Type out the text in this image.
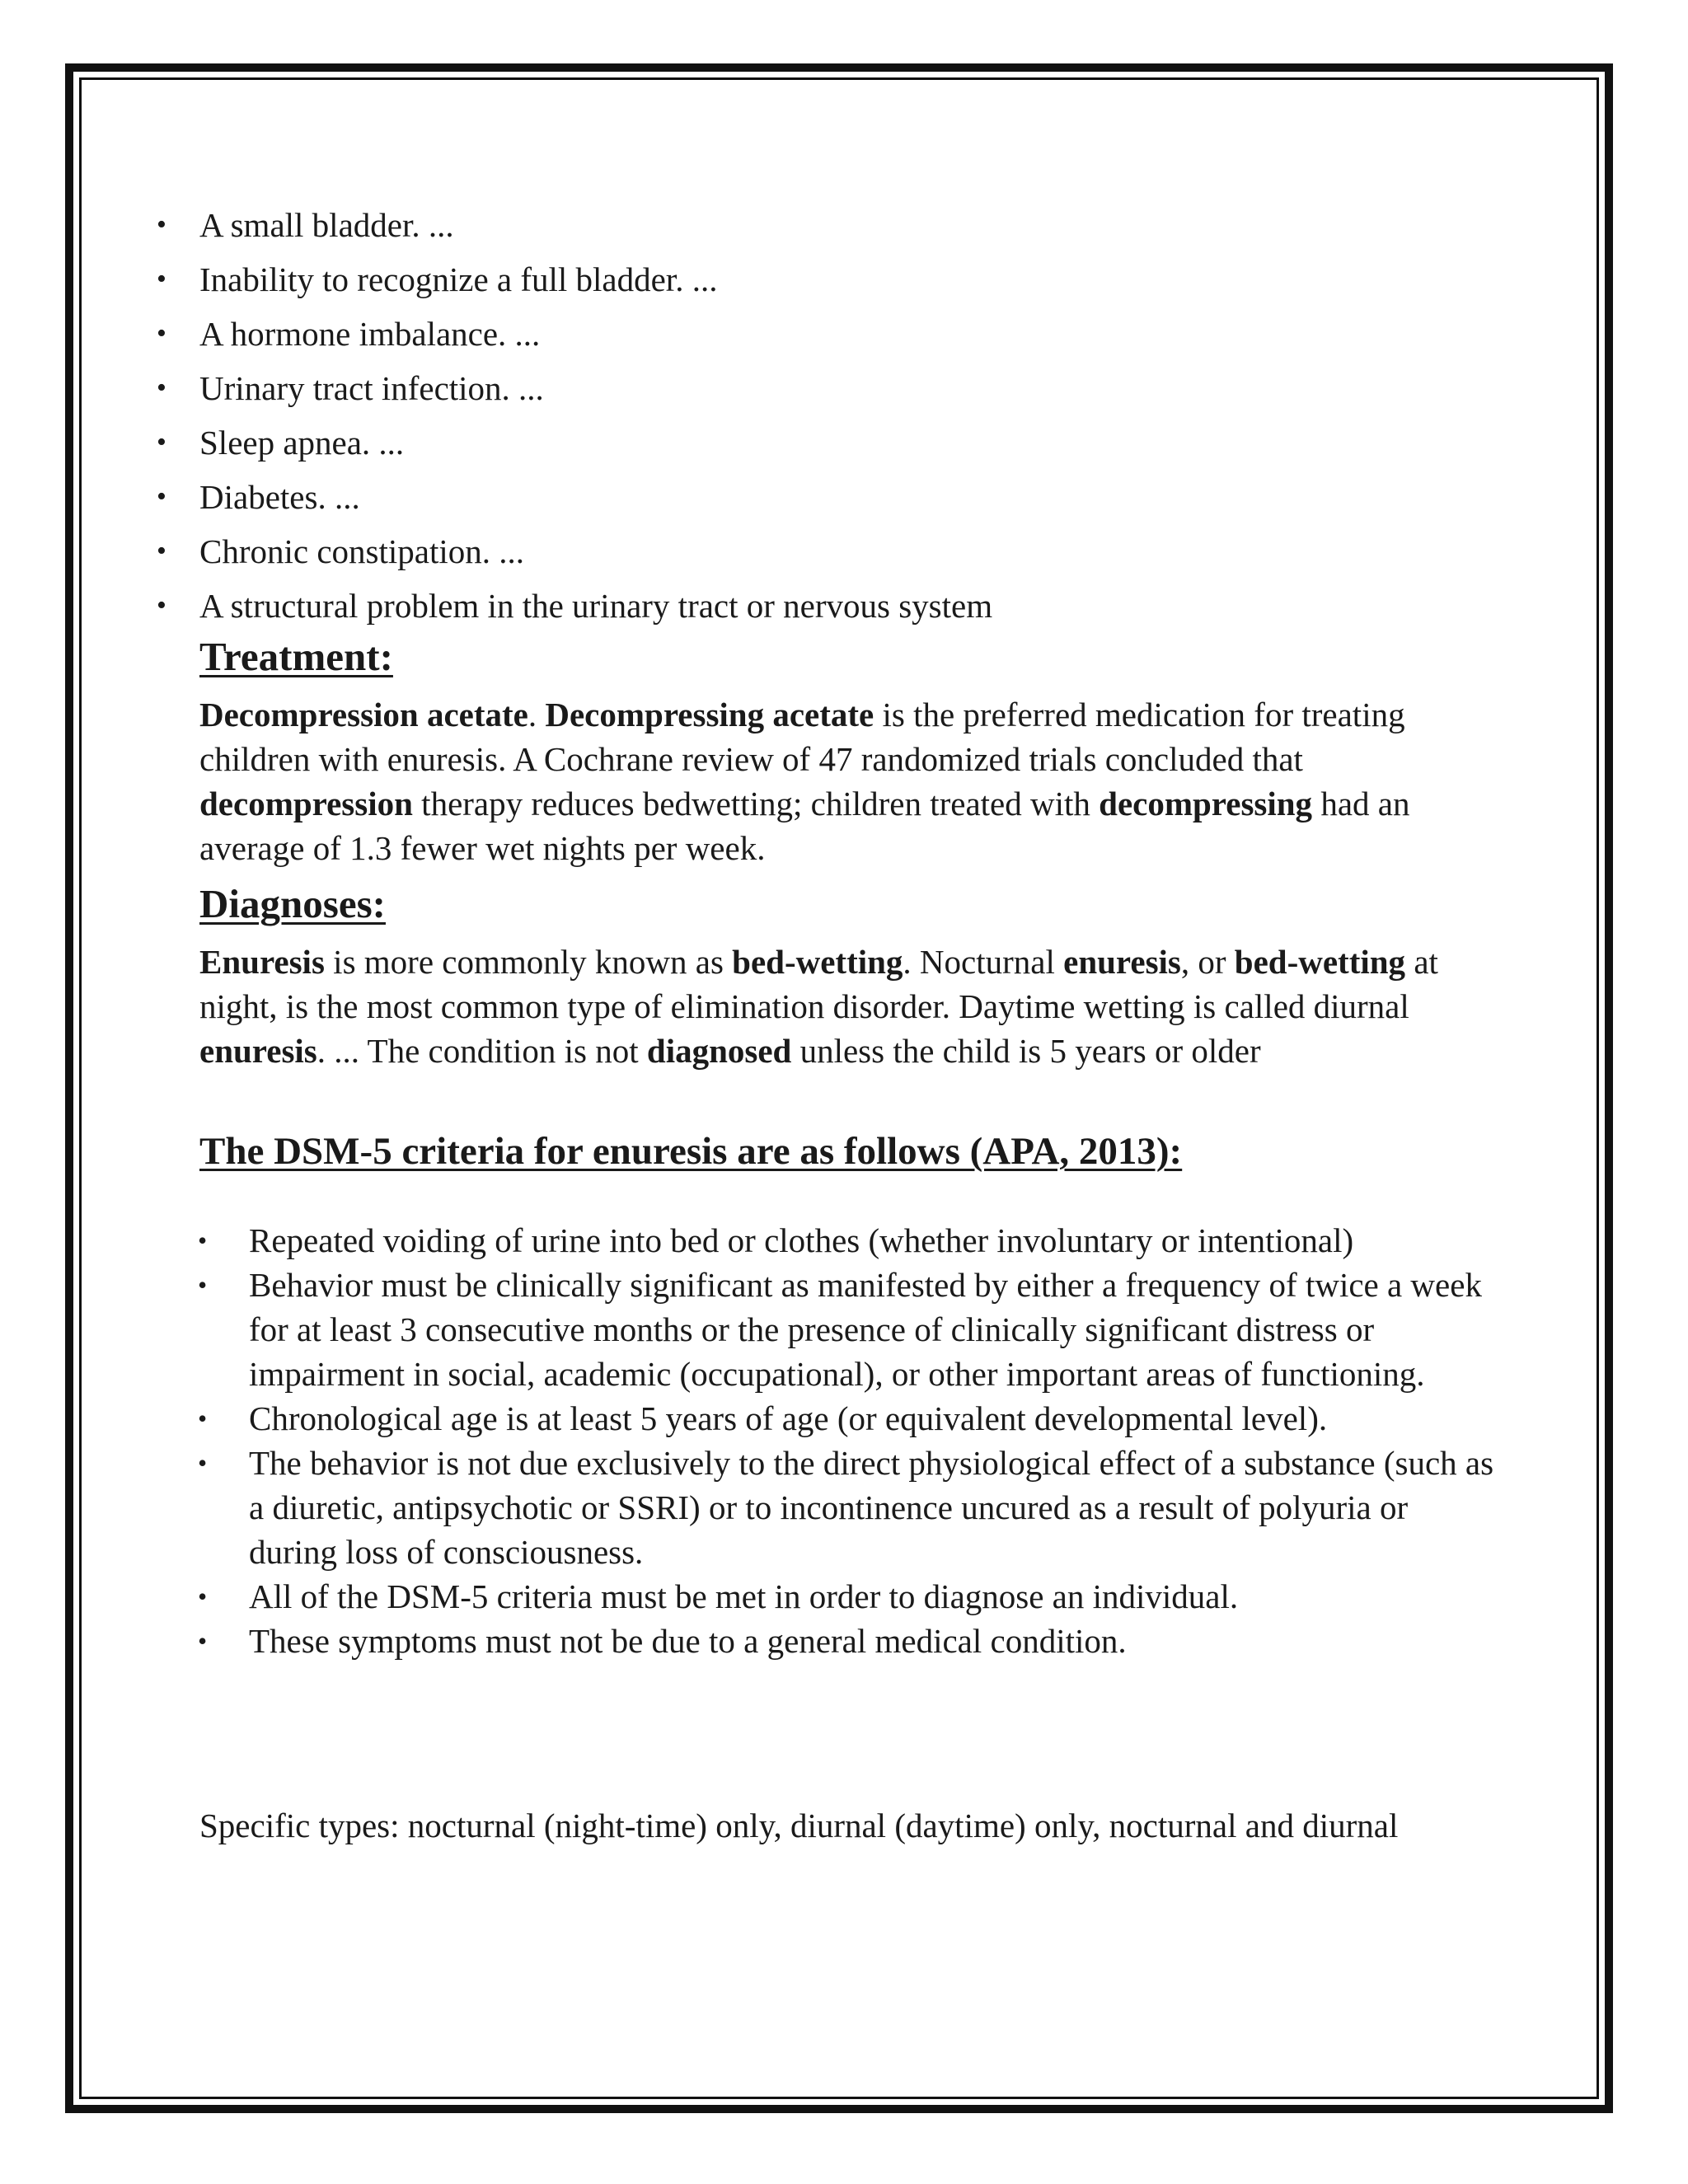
• A small bladder. ...
• Inability to recognize a full bladder. ...
• A hormone imbalance. ...
• Urinary tract infection. ...
• Sleep apnea. ...
• Diabetes. ...
• Chronic constipation. ...
• A structural problem in the urinary tract or nervous system
Treatment:

Decompression acetate. Decompressing acetate is the preferred medication for treating children with enuresis. A Cochrane review of 47 randomized trials concluded that decompression therapy reduces bedwetting; children treated with decompressing had an average of 1.3 fewer wet nights per week.

Diagnoses:

Enuresis is more commonly known as bed-wetting. Nocturnal enuresis, or bed-wetting at night, is the most common type of elimination disorder. Daytime wetting is called diurnal enuresis. ... The condition is not diagnosed unless the child is 5 years or older

The DSM-5 criteria for enuresis are as follows (APA, 2013):
• Repeated voiding of urine into bed or clothes (whether involuntary or intentional)
• Behavior must be clinically significant as manifested by either a frequency of twice a week for at least 3 consecutive months or the presence of clinically significant distress or impairment in social, academic (occupational), or other important areas of functioning.
• Chronological age is at least 5 years of age (or equivalent developmental level).
• The behavior is not due exclusively to the direct physiological effect of a substance (such as a diuretic, antipsychotic or SSRI) or to incontinence uncured as a result of polyuria or during loss of consciousness.
• All of the DSM-5 criteria must be met in order to diagnose an individual.
• These symptoms must not be due to a general medical condition.

Specific types: nocturnal (night-time) only, diurnal (daytime) only, nocturnal and diurnal
